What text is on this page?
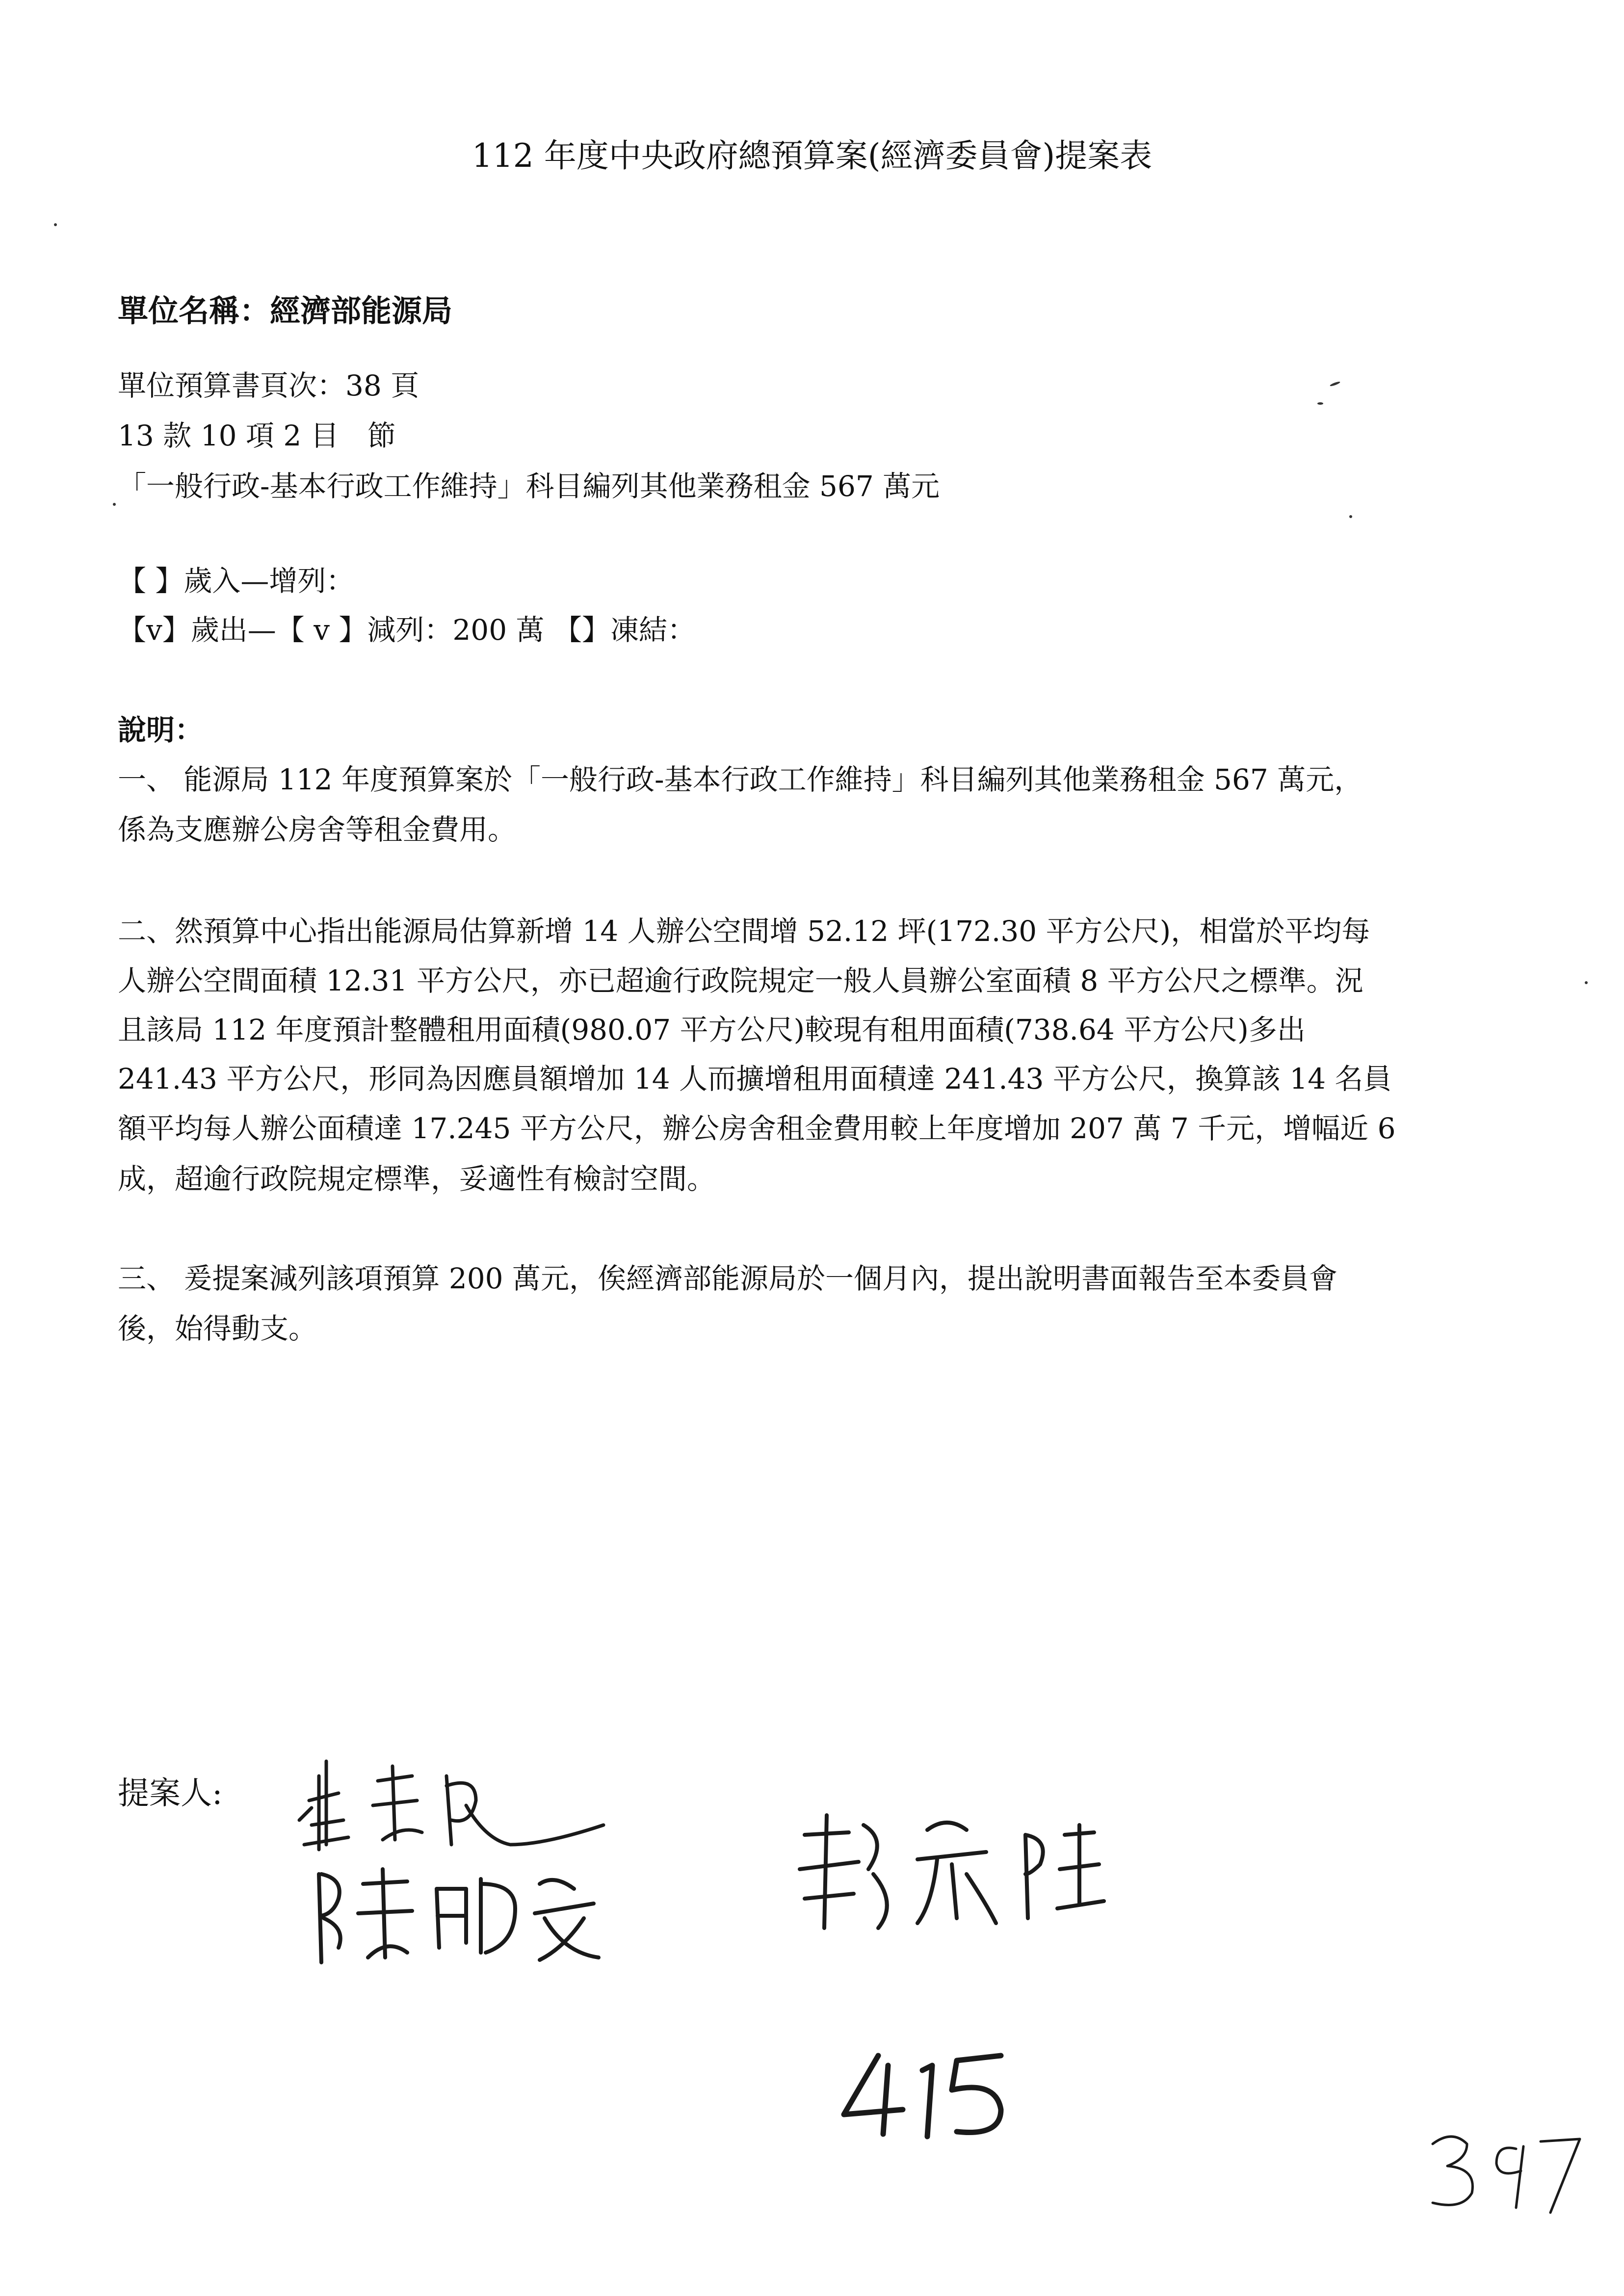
112 年度中央政府總預算案(經濟委員會)提案表
單位名稱：經濟部能源局
單位預算書頁次：38 頁
13 款 10 項 2 目　節
「一般行政-基本行政工作維持」科目編列其他業務租金 567 萬元
【 】歲入—增列：
【v】歲出—【 v 】減列：200 萬 【】凍結：
說明：
一、 能源局 112 年度預算案於「一般行政-基本行政工作維持」科目編列其他業務租金 567 萬元，
係為支應辦公房舍等租金費用。
二、然預算中心指出能源局估算新增 14 人辦公空間增 52.12 坪(172.30 平方公尺)，相當於平均每
人辦公空間面積 12.31 平方公尺，亦已超逾行政院規定一般人員辦公室面積 8 平方公尺之標準。況
且該局 112 年度預計整體租用面積(980.07 平方公尺)較現有租用面積(738.64 平方公尺)多出
241.43 平方公尺，形同為因應員額增加 14 人而擴增租用面積達 241.43 平方公尺，換算該 14 名員
額平均每人辦公面積達 17.245 平方公尺，辦公房舍租金費用較上年度增加 207 萬 7 千元，增幅近 6
成，超逾行政院規定標準，妥適性有檢討空間。
三、 爰提案減列該項預算 200 萬元，俟經濟部能源局於一個月內，提出說明書面報告至本委員會
後，始得動支。
提案人:
